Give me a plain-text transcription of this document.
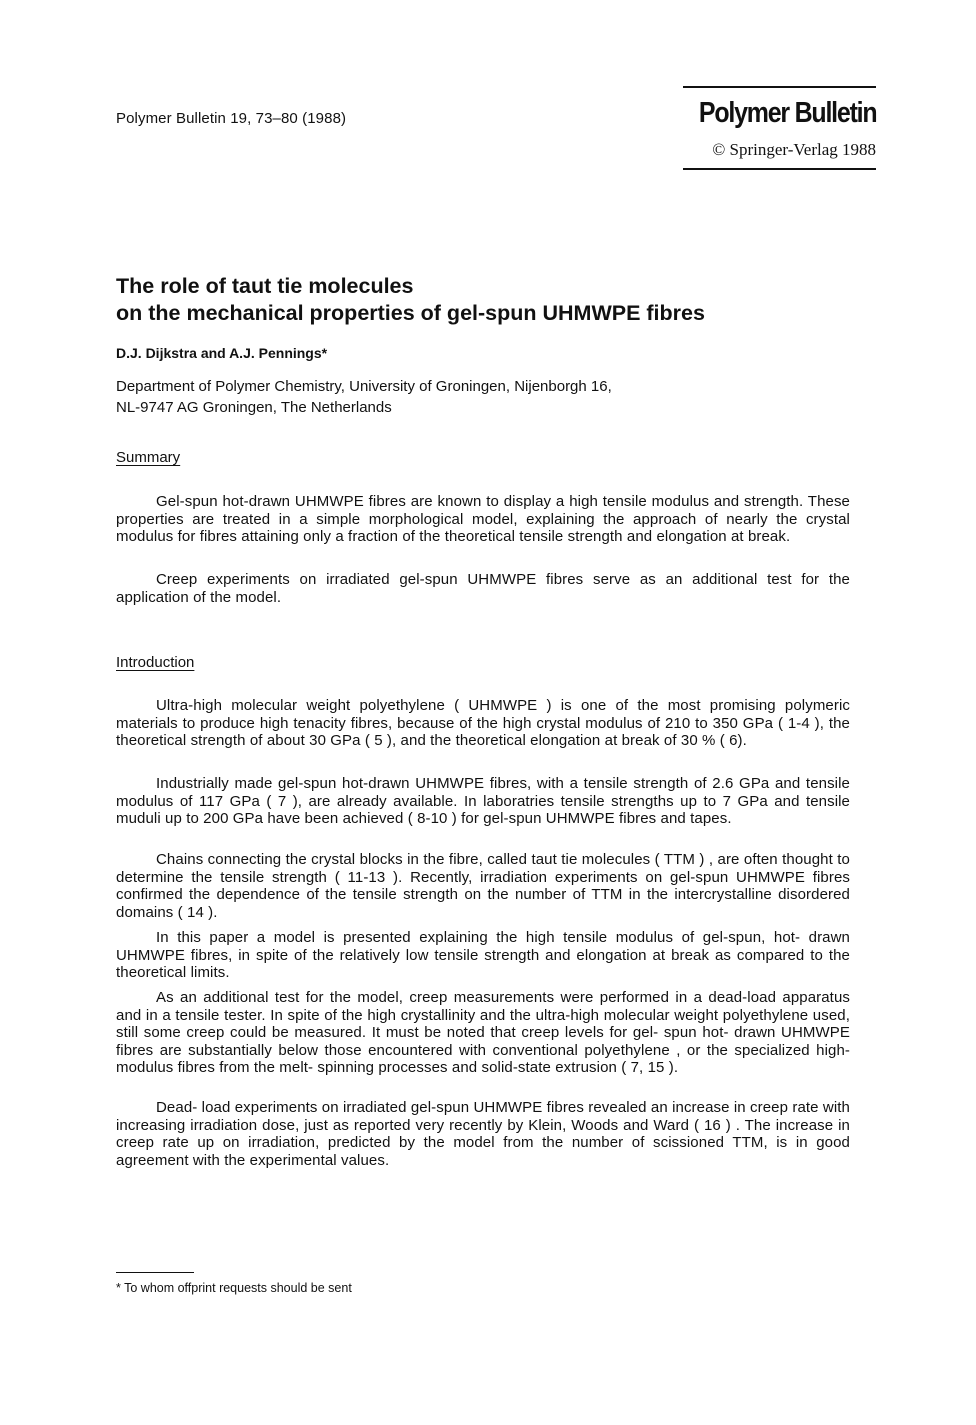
Polymer Bulletin 19, 73–80 (1988)	Polymer Bulletin
© Springer-Verlag 1988
The role of taut tie molecules
on the mechanical properties of gel-spun UHMWPE fibres
D.J. Dijkstra and A.J. Pennings*
Department of Polymer Chemistry, University of Groningen, Nijenborgh 16,
NL-9747 AG Groningen, The Netherlands
Summary

Gel-spun hot-drawn UHMWPE fibres are known to display a high tensile modulus and strength. These properties are treated in a simple morphological model, explaining the approach of nearly the crystal modulus for fibres attaining only a fraction of the theoretical tensile strength and elongation at break.

Creep experiments on irradiated gel-spun UHMWPE fibres serve as an additional test for the application of the model.

Introduction

Ultra-high molecular weight polyethylene ( UHMWPE ) is one of the most promising polymeric materials to produce high tenacity fibres, because of the high crystal modulus of 210 to 350 GPa ( 1-4 ), the theoretical strength of about 30 GPa ( 5 ), and the theoretical elongation at break of 30 % ( 6).

Industrially made gel-spun hot-drawn UHMWPE fibres, with a tensile strength of 2.6 GPa and tensile modulus of 117 GPa ( 7 ), are already available. In laboratries tensile strengths up to 7 GPa and tensile muduli up to 200 GPa have been achieved ( 8-10 ) for gel-spun UHMWPE fibres and tapes.

Chains connecting the crystal blocks in the fibre, called taut tie molecules ( TTM ) , are often thought to determine the tensile strength ( 11-13 ). Recently, irradiation experiments on gel-spun UHMWPE fibres confirmed the dependence of the tensile strength on the number of TTM in the intercrystalline disordered domains ( 14 ).

In this paper a model is presented explaining the high tensile modulus of gel-spun, hot- drawn UHMWPE fibres, in spite of the relatively low tensile strength and elongation at break as compared to the theoretical limits.

As an additional test for the model, creep measurements were performed in a dead-load apparatus and in a tensile tester. In spite of the high crystallinity and the ultra-high molecular weight polyethylene used, still some creep could be measured. It must be noted that creep levels for gel- spun hot- drawn UHMWPE fibres are substantially below those encountered with conventional polyethylene , or the specialized high- modulus fibres from the melt- spinning processes and solid-state extrusion ( 7, 15 ).

Dead- load experiments on irradiated gel-spun UHMWPE fibres revealed an increase in creep rate with increasing irradiation dose, just as reported very recently by Klein, Woods and Ward ( 16 ) . The increase in creep rate up on irradiation, predicted by the model from the number of scissioned TTM, is in good agreement with the experimental values.

* To whom offprint requests should be sent
